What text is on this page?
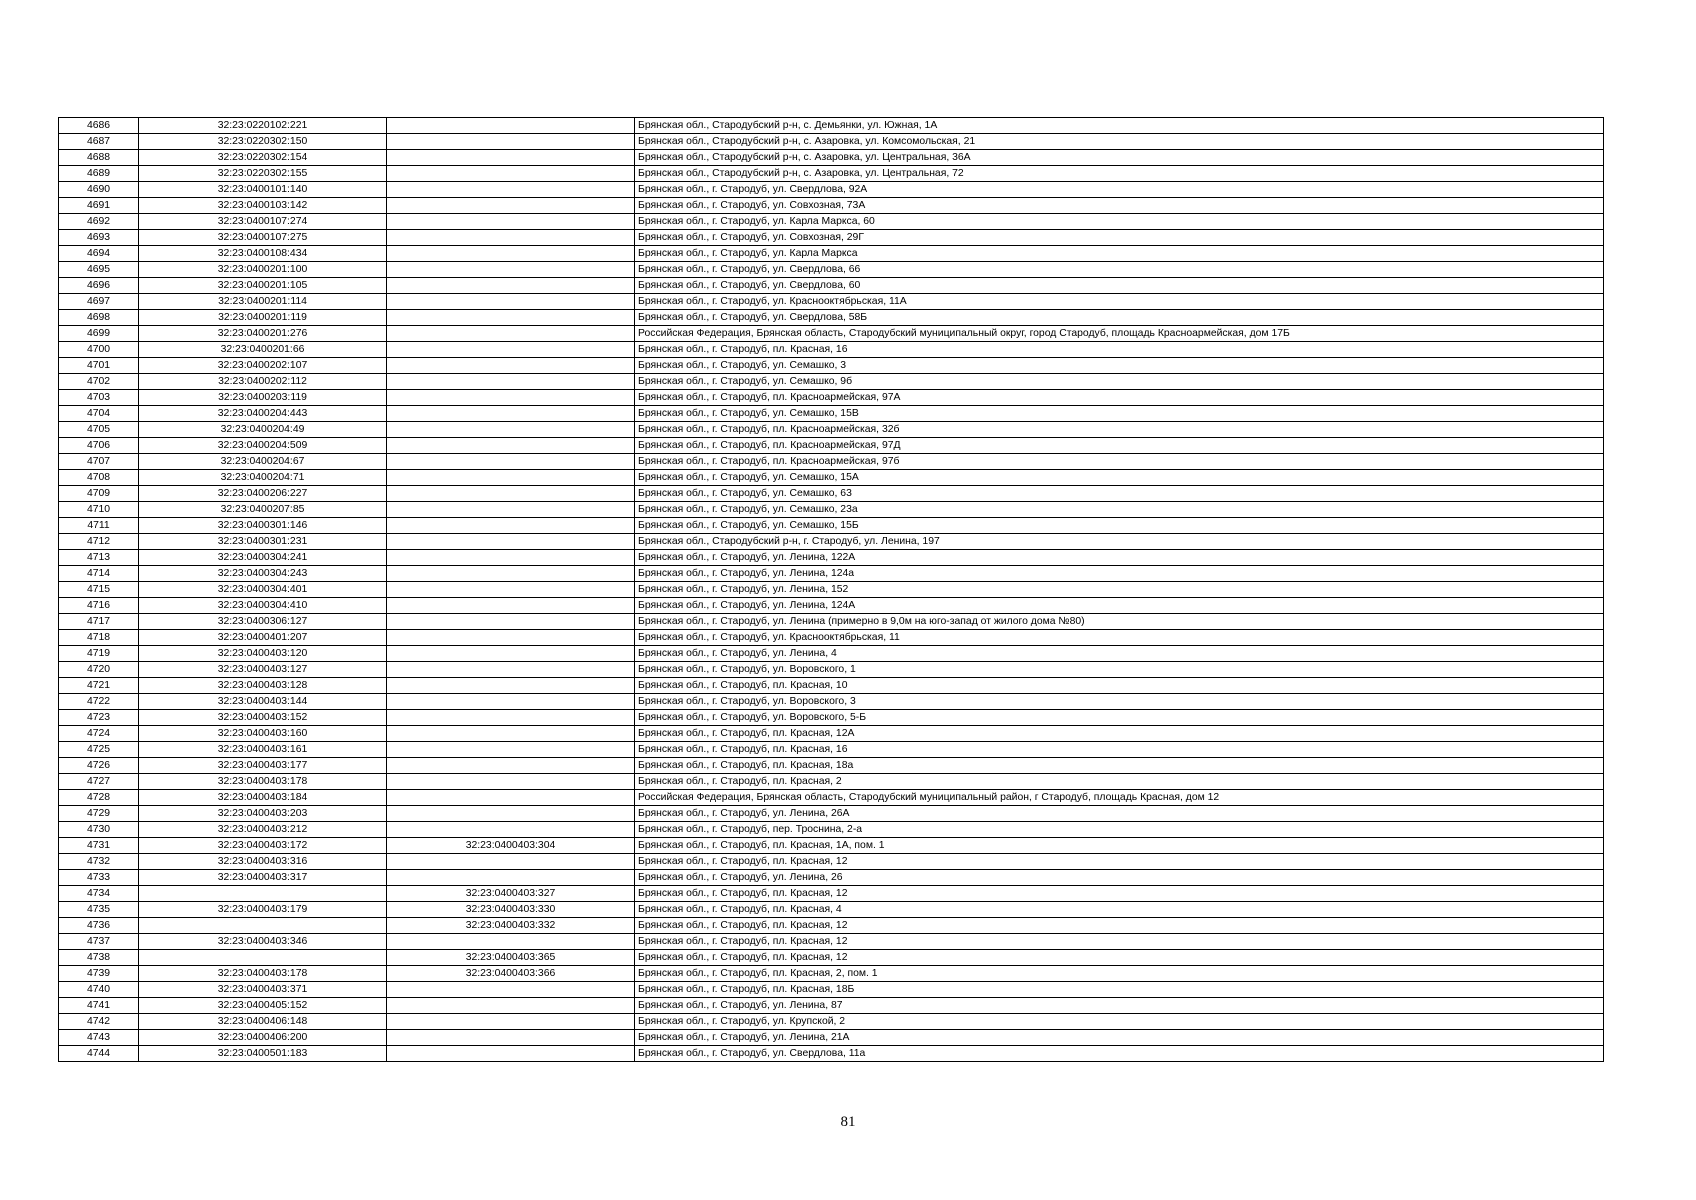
4686	32:23:0220102:221		Брянская обл., Стародубский р-н, с. Демьянки, ул. Южная, 1А
4687	32:23:0220302:150		Брянская обл., Стародубский р-н, с. Азаровка, ул. Комсомольская, 21
4688	32:23:0220302:154		Брянская обл., Стародубский р-н, с. Азаровка, ул. Центральная, 36А
4689	32:23:0220302:155		Брянская обл., Стародубский р-н, с. Азаровка, ул. Центральная, 72
4690	32:23:0400101:140		Брянская обл., г. Стародуб, ул. Свердлова, 92А
4691	32:23:0400103:142		Брянская обл., г. Стародуб, ул. Совхозная, 73А
4692	32:23:0400107:274		Брянская обл., г. Стародуб, ул. Карла Маркса, 60
4693	32:23:0400107:275		Брянская обл., г. Стародуб, ул. Совхозная, 29Г
4694	32:23:0400108:434		Брянская обл., г. Стародуб, ул. Карла Маркса
4695	32:23:0400201:100		Брянская обл., г. Стародуб, ул. Свердлова, 66
4696	32:23:0400201:105		Брянская обл., г. Стародуб, ул. Свердлова, 60
4697	32:23:0400201:114		Брянская обл., г. Стародуб, ул. Краснооктябрьская, 11А
4698	32:23:0400201:119		Брянская обл., г. Стародуб, ул. Свердлова, 58Б
4699	32:23:0400201:276		Российская Федерация, Брянская область, Стародубский муниципальный округ, город Стародуб, площадь Красноармейская, дом 17Б
4700	32:23:0400201:66		Брянская обл., г. Стародуб, пл. Красная, 16
4701	32:23:0400202:107		Брянская обл., г. Стародуб, ул. Семашко, 3
4702	32:23:0400202:112		Брянская обл., г. Стародуб, ул. Семашко, 9б
4703	32:23:0400203:119		Брянская обл., г. Стародуб, пл. Красноармейская, 97А
4704	32:23:0400204:443		Брянская обл., г. Стародуб, ул. Семашко, 15В
4705	32:23:0400204:49		Брянская обл., г. Стародуб, пл. Красноармейская, 32б
4706	32:23:0400204:509		Брянская обл., г. Стародуб, пл. Красноармейская, 97Д
4707	32:23:0400204:67		Брянская обл., г. Стародуб, пл. Красноармейская, 97б
4708	32:23:0400204:71		Брянская обл., г. Стародуб, ул. Семашко, 15А
4709	32:23:0400206:227		Брянская обл., г. Стародуб, ул. Семашко, 63
4710	32:23:0400207:85		Брянская обл., г. Стародуб, ул. Семашко, 23а
4711	32:23:0400301:146		Брянская обл., г. Стародуб, ул. Семашко, 15Б
4712	32:23:0400301:231		Брянская обл., Стародубский р-н, г. Стародуб, ул. Ленина, 197
4713	32:23:0400304:241		Брянская обл., г. Стародуб, ул. Ленина, 122А
4714	32:23:0400304:243		Брянская обл., г. Стародуб, ул. Ленина, 124а
4715	32:23:0400304:401		Брянская обл., г. Стародуб, ул. Ленина, 152
4716	32:23:0400304:410		Брянская обл., г. Стародуб, ул. Ленина, 124А
4717	32:23:0400306:127		Брянская обл., г. Стародуб, ул. Ленина (примерно в 9,0м на юго-запад от жилого дома №80)
4718	32:23:0400401:207		Брянская обл., г. Стародуб, ул. Краснооктябрьская, 11
4719	32:23:0400403:120		Брянская обл., г. Стародуб, ул. Ленина, 4
4720	32:23:0400403:127		Брянская обл., г. Стародуб, ул. Воровского, 1
4721	32:23:0400403:128		Брянская обл., г. Стародуб, пл. Красная, 10
4722	32:23:0400403:144		Брянская обл., г. Стародуб, ул. Воровского, 3
4723	32:23:0400403:152		Брянская обл., г. Стародуб, ул. Воровского, 5-Б
4724	32:23:0400403:160		Брянская обл., г. Стародуб, пл. Красная, 12А
4725	32:23:0400403:161		Брянская обл., г. Стародуб, пл. Красная, 16
4726	32:23:0400403:177		Брянская обл., г. Стародуб, пл. Красная, 18а
4727	32:23:0400403:178		Брянская обл., г. Стародуб, пл. Красная, 2
4728	32:23:0400403:184		Российская Федерация, Брянская область, Стародубский муниципальный район, г Стародуб, площадь Красная, дом 12
4729	32:23:0400403:203		Брянская обл., г. Стародуб, ул. Ленина, 26А
4730	32:23:0400403:212		Брянская обл., г. Стародуб, пер. Троснина, 2-а
4731	32:23:0400403:172	32:23:0400403:304	Брянская обл., г. Стародуб, пл. Красная, 1А, пом. 1
4732	32:23:0400403:316		Брянская обл., г. Стародуб, пл. Красная, 12
4733	32:23:0400403:317		Брянская обл., г. Стародуб, ул. Ленина, 26
4734		32:23:0400403:327	Брянская обл., г. Стародуб, пл. Красная, 12
4735	32:23:0400403:179	32:23:0400403:330	Брянская обл., г. Стародуб, пл. Красная, 4
4736		32:23:0400403:332	Брянская обл., г. Стародуб, пл. Красная, 12
4737	32:23:0400403:346		Брянская обл., г. Стародуб, пл. Красная, 12
4738		32:23:0400403:365	Брянская обл., г. Стародуб, пл. Красная, 12
4739	32:23:0400403:178	32:23:0400403:366	Брянская обл., г. Стародуб, пл. Красная, 2, пом. 1
4740	32:23:0400403:371		Брянская обл., г. Стародуб, пл. Красная, 18Б
4741	32:23:0400405:152		Брянская обл., г. Стародуб, ул. Ленина, 87
4742	32:23:0400406:148		Брянская обл., г. Стародуб, ул. Крупской, 2
4743	32:23:0400406:200		Брянская обл., г. Стародуб, ул. Ленина, 21А
4744	32:23:0400501:183		Брянская обл., г. Стародуб, ул. Свердлова, 11а
81
